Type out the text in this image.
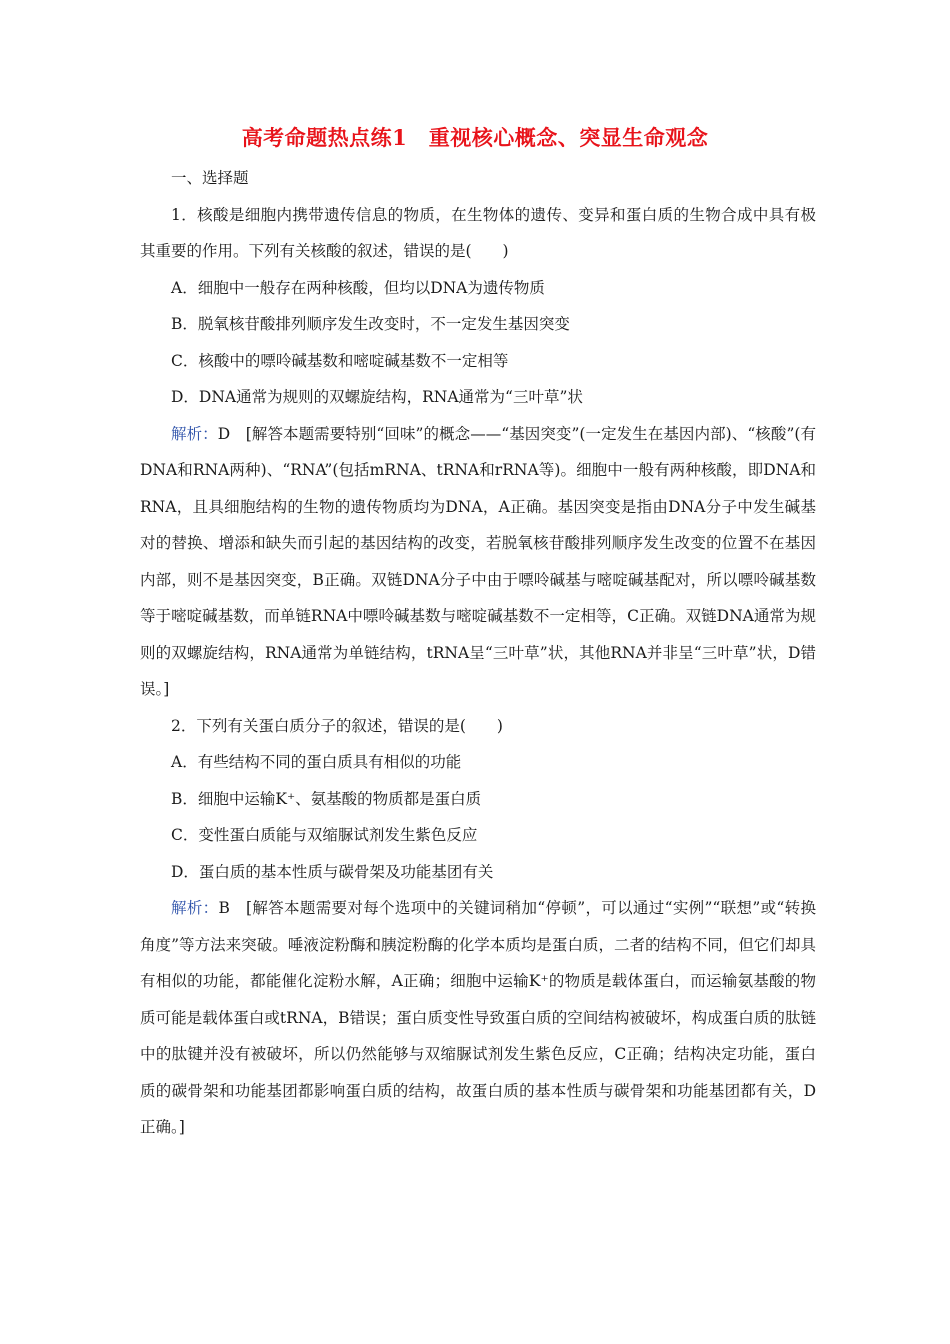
高考命题热点练1　重视核心概念、突显生命观念

一、选择题

1．核酸是细胞内携带遗传信息的物质，在生物体的遗传、变异和蛋白质的生物合成中具有极其重要的作用。下列有关核酸的叙述，错误的是(　　)

A．细胞中一般存在两种核酸，但均以DNA为遗传物质

B．脱氧核苷酸排列顺序发生改变时，不一定发生基因突变

C．核酸中的嘌呤碱基数和嘧啶碱基数不一定相等

D．DNA通常为规则的双螺旋结构，RNA通常为“三叶草”状

解析：D　[解答本题需要特别“回味”的概念——“基因突变”(一定发生在基因内部)、“核酸”(有DNA和RNA两种)、“RNA”(包括mRNA、tRNA和rRNA等)。细胞中一般有两种核酸，即DNA和RNA，且具细胞结构的生物的遗传物质均为DNA，A正确。基因突变是指由DNA分子中发生碱基对的替换、增添和缺失而引起的基因结构的改变，若脱氧核苷酸排列顺序发生改变的位置不在基因内部，则不是基因突变，B正确。双链DNA分子中由于嘌呤碱基与嘧啶碱基配对，所以嘌呤碱基数等于嘧啶碱基数，而单链RNA中嘌呤碱基数与嘧啶碱基数不一定相等，C正确。双链DNA通常为规则的双螺旋结构，RNA通常为单链结构，tRNA呈“三叶草”状，其他RNA并非呈“三叶草”状，D错误。]

2．下列有关蛋白质分子的叙述，错误的是(　　)

A．有些结构不同的蛋白质具有相似的功能

B．细胞中运输K⁺、氨基酸的物质都是蛋白质

C．变性蛋白质能与双缩脲试剂发生紫色反应

D．蛋白质的基本性质与碳骨架及功能基团有关

解析：B　[解答本题需要对每个选项中的关键词稍加“停顿”，可以通过“实例”“联想”或“转换角度”等方法来突破。唾液淀粉酶和胰淀粉酶的化学本质均是蛋白质，二者的结构不同，但它们却具有相似的功能，都能催化淀粉水解，A正确；细胞中运输K⁺的物质是载体蛋白，而运输氨基酸的物质可能是载体蛋白或tRNA，B错误；蛋白质变性导致蛋白质的空间结构被破坏，构成蛋白质的肽链中的肽键并没有被破坏，所以仍然能够与双缩脲试剂发生紫色反应，C正确；结构决定功能，蛋白质的碳骨架和功能基团都影响蛋白质的结构，故蛋白质的基本性质与碳骨架和功能基团都有关，D正确。]
